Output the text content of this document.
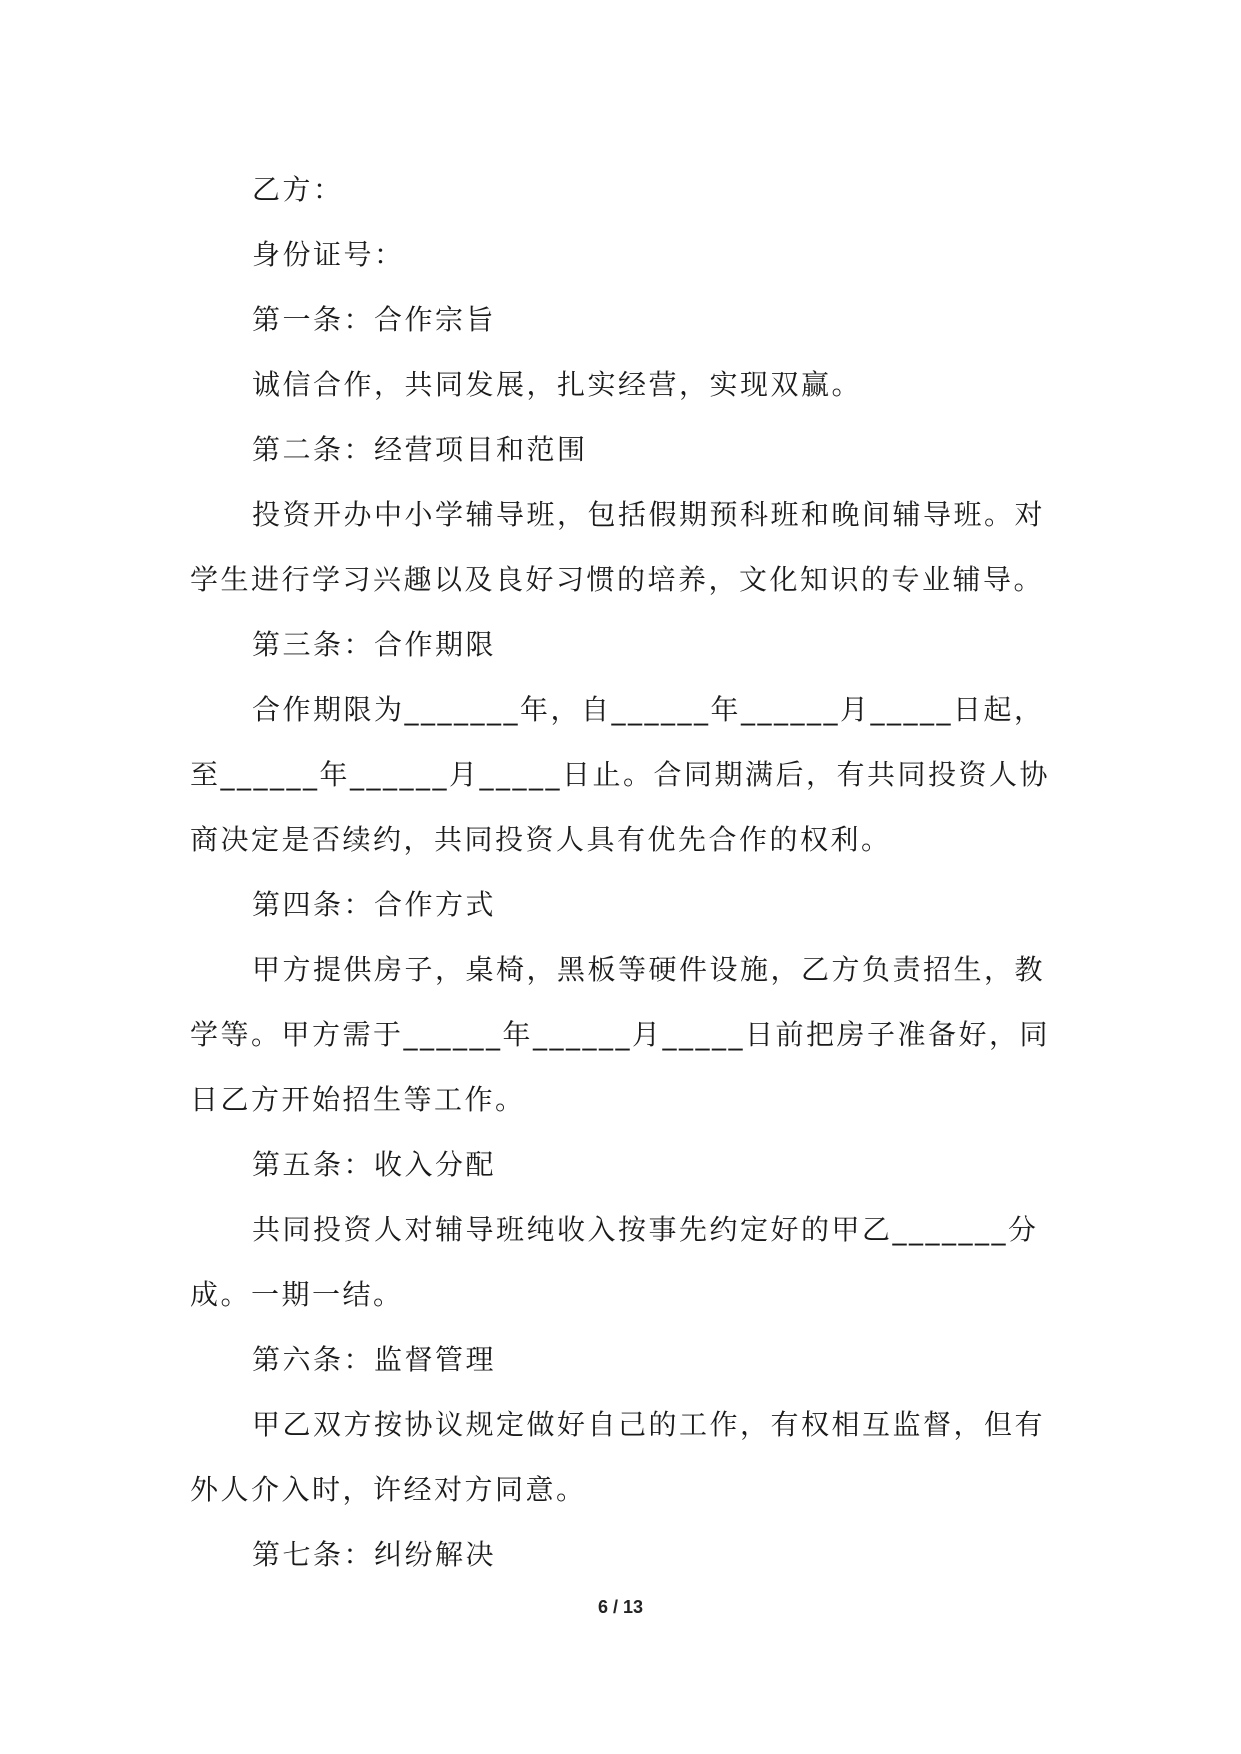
乙方：

身份证号：

第一条：合作宗旨

诚信合作，共同发展，扎实经营，实现双赢。

第二条：经营项目和范围

投资开办中小学辅导班，包括假期预科班和晚间辅导班。对学生进行学习兴趣以及良好习惯的培养，文化知识的专业辅导。

第三条：合作期限

合作期限为_______年，自______年______月_____日起，至______年______月_____日止。合同期满后，有共同投资人协商决定是否续约，共同投资人具有优先合作的权利。

第四条：合作方式

甲方提供房子，桌椅，黑板等硬件设施，乙方负责招生，教学等。甲方需于______年______月_____日前把房子准备好，同日乙方开始招生等工作。

第五条：收入分配

共同投资人对辅导班纯收入按事先约定好的甲乙_______分成。一期一结。

第六条：监督管理

甲乙双方按协议规定做好自己的工作，有权相互监督，但有外人介入时，许经对方同意。

第七条：纠纷解决

6 / 13
